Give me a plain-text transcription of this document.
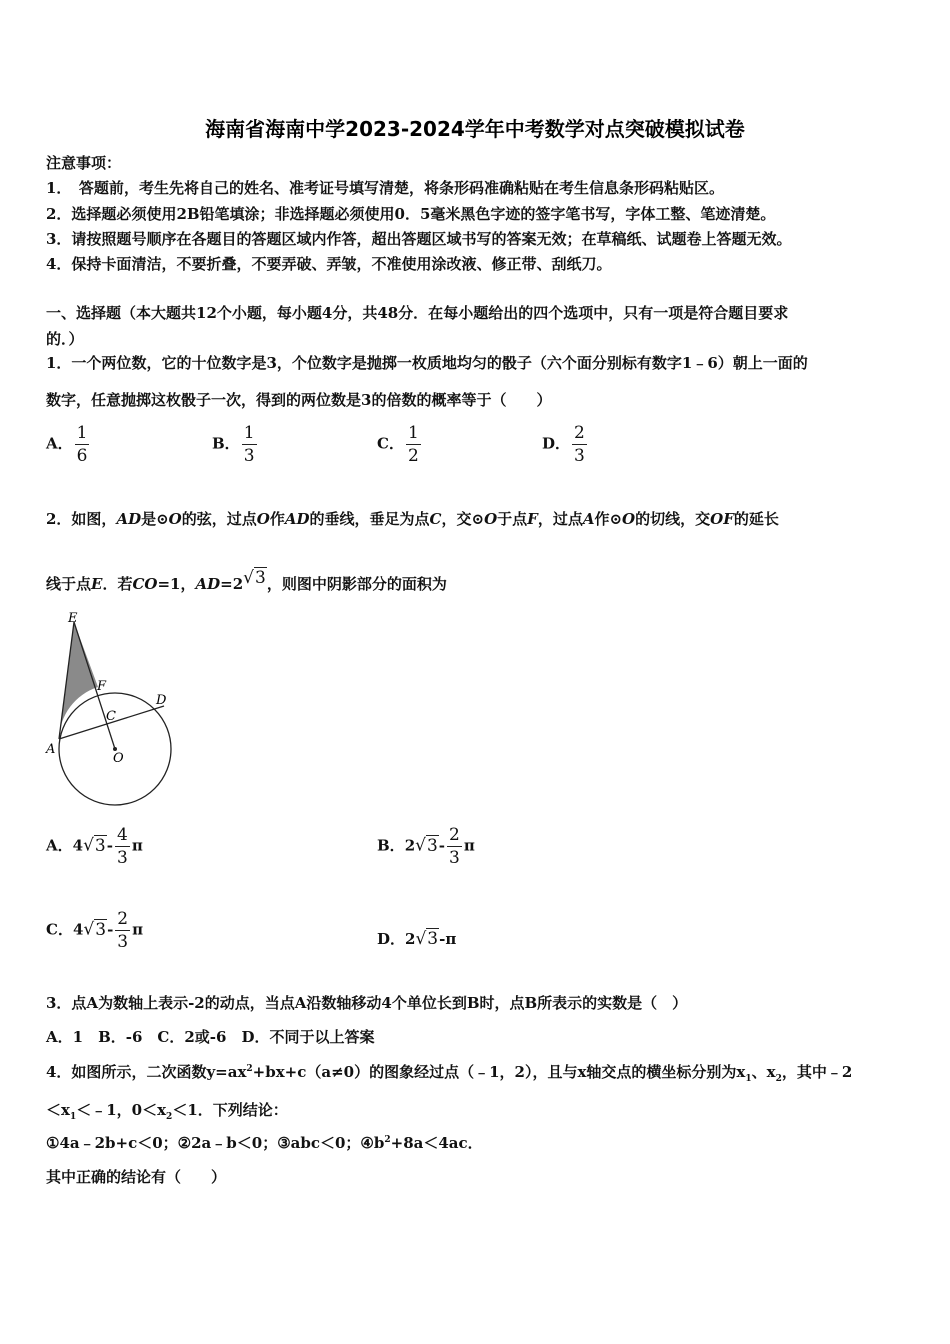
海南省海南中学2023-2024学年中考数学对点突破模拟试卷
注意事项：
1．　答题前，考生先将自己的姓名、准考证号填写清楚，将条形码准确粘贴在考生信息条形码粘贴区。
2．选择题必须使用2B铅笔填涂；非选择题必须使用0．5毫米黑色字迹的签字笔书写，字体工整、笔迹清楚。
3．请按照题号顺序在各题目的答题区域内作答，超出答题区域书写的答案无效；在草稿纸、试题卷上答题无效。
4．保持卡面清洁，不要折叠，不要弄破、弄皱，不准使用涂改液、修正带、刮纸刀。
一、选择题（本大题共12个小题，每小题4分，共48分．在每小题给出的四个选项中，只有一项是符合题目要求
的．）
1．一个两位数，它的十位数字是3，个位数字是抛掷一枚质地均匀的骰子（六个面分别标有数字1﹣6）朝上一面的
数字，任意抛掷这枚骰子一次，得到的两位数是3的倍数的概率等于（　　）
A． $\frac{1}{6}$	B． $\frac{1}{3}$	C． $\frac{1}{2}$	D． $\frac{2}{3}$
2．如图，AD是⊙O的弦，过点O作AD的垂线，垂足为点C，交⊙O于点F，过点A作⊙O的切线，交OF的延长
线于点E．若CO=1，AD=2√3，则图中阴影部分的面积为
E
F
C
D
A
O
A．$4√3- \frac{4}{3}$ π	B．$2√3- \frac{2}{3}$ π
C．$4√3- \frac{2}{3}$ π
D．2√3-π
3．点A为数轴上表示-2的动点，当点A沿数轴移动4个单位长到B时，点B所表示的实数是（　）
A．1　B．-6　C．2或-6　D．不同于以上答案
4．如图所示，二次函数$y=ax^2+bx+c(a\ne 0)$的图象经过点（﹣1，2），且与x轴交点的横坐标分别为$x_1$、$x_2$，其中﹣2
$<x_1<﹣1$，$0<x_2<1$．下列结论：
①4a﹣2b+c＜0；②2a﹣b＜0；③abc＜0；$④b^2+8a<4ac$．
其中正确的结论有（　　）
